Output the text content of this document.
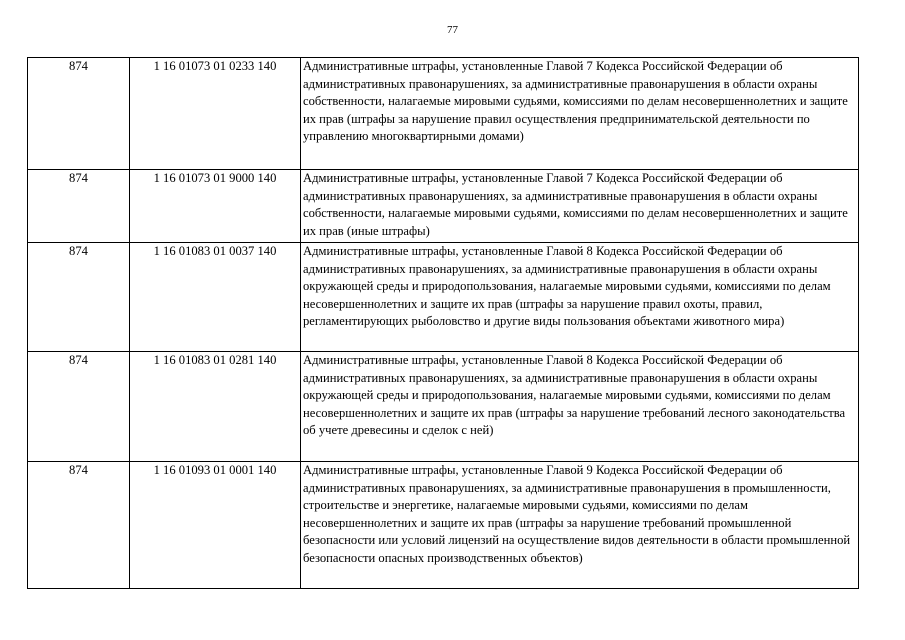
77
874	1 16 01073 01 0233 140	Административные штрафы, установленные Главой 7 Кодекса Российской Федерации об административных правонарушениях, за административные правонарушения в области охраны собственности, налагаемые мировыми судьями, комиссиями по делам несовершеннолетних и защите их прав (штрафы за нарушение правил осуществления предпринимательской деятельности по управлению многоквартирными домами)
874	1 16 01073 01 9000 140	Административные штрафы, установленные Главой 7 Кодекса Российской Федерации об административных правонарушениях, за административные правонарушения в области охраны собственности, налагаемые мировыми судьями, комиссиями по делам несовершеннолетних и защите их прав (иные штрафы)
874	1 16 01083 01 0037 140	Административные штрафы, установленные Главой 8 Кодекса Российской Федерации об административных правонарушениях, за административные правонарушения в области охраны окружающей среды и природопользования, налагаемые мировыми судьями, комиссиями по делам несовершеннолетних и защите их прав (штрафы за нарушение правил охоты, правил, регламентирующих рыболовство и другие виды пользования объектами животного мира)
874	1 16 01083 01 0281 140	Административные штрафы, установленные Главой 8 Кодекса Российской Федерации об административных правонарушениях, за административные правонарушения в области охраны окружающей среды и природопользования, налагаемые мировыми судьями, комиссиями по делам несовершеннолетних и защите их прав (штрафы за нарушение требований лесного законодательства об учете древесины и сделок с ней)
874	1 16 01093 01 0001 140	Административные штрафы, установленные Главой 9 Кодекса Российской Федерации об административных правонарушениях, за административные правонарушения в промышленности, строительстве и энергетике, налагаемые мировыми судьями, комиссиями по делам несовершеннолетних и защите их прав (штрафы за нарушение требований промышленной безопасности или условий лицензий на осуществление видов деятельности в области промышленной безопасности опасных производственных объектов)
